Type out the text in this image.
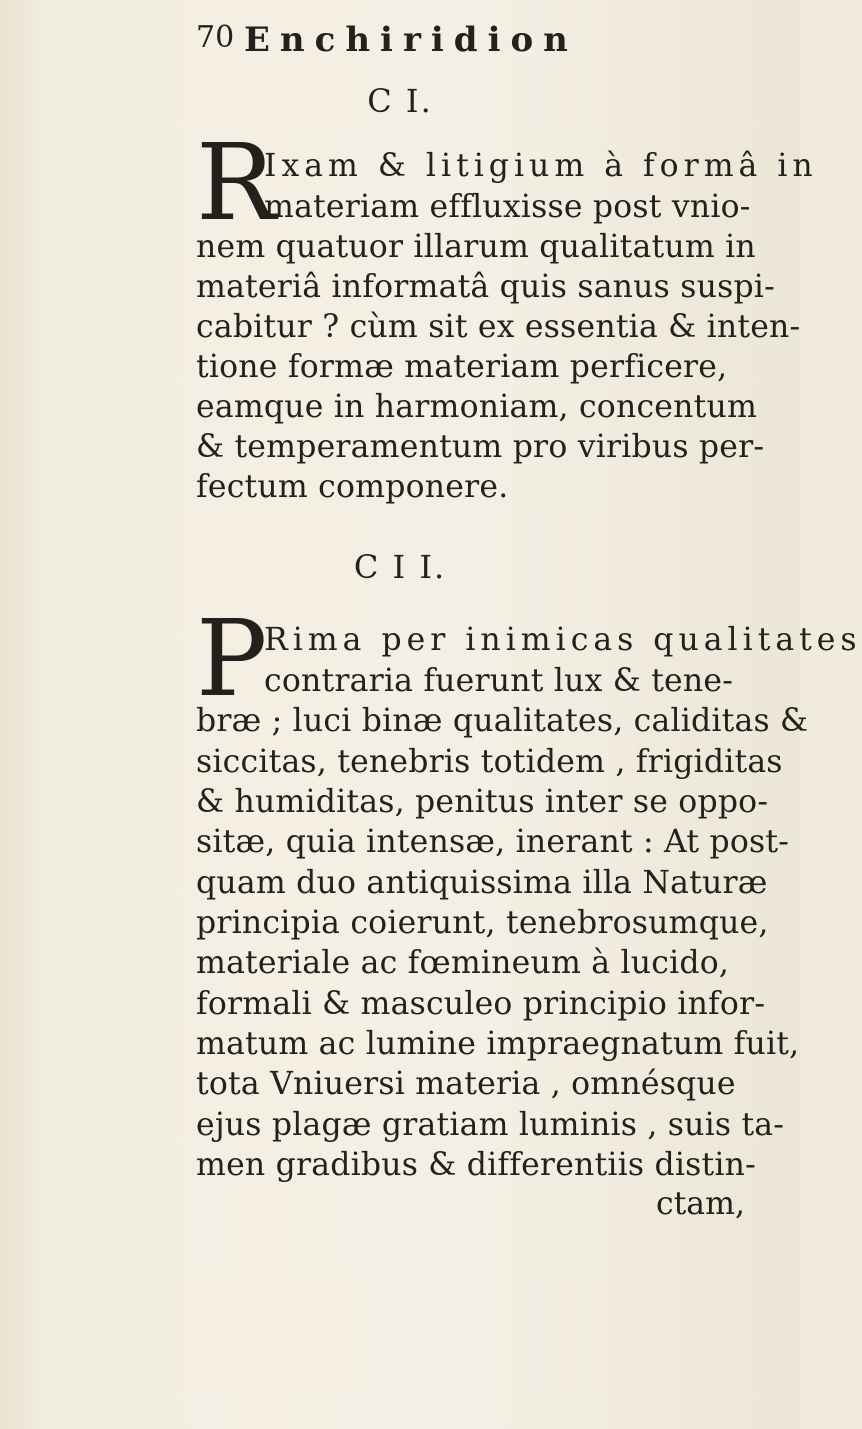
70 Enchiridion
C I.
R
Ixam & litigium à formâ in
materiam effluxisse post vnio-
nem quatuor illarum qualitatum in
materiâ informatâ quis sanus suspi-
cabitur ? cùm sit ex essentia & inten-
tione formæ materiam perficere,
eamque in harmoniam, concentum
& temperamentum pro viribus per-
fectum componere.
C I I.
P
Rima per inimicas qualitates
contraria fuerunt lux & tene-
bræ ; luci binæ qualitates, caliditas &
siccitas, tenebris totidem , frigiditas
& humiditas, penitus inter se oppo-
sitæ, quia intensæ, inerant : At post-
quam duo antiquissima illa Naturæ
principia coierunt, tenebrosumque,
materiale ac fœmineum à lucido,
formali & masculeo principio infor-
matum ac lumine impraegnatum fuit,
tota Vniuersi materia , omnésque
ejus plagæ gratiam luminis , suis ta-
men gradibus & differentiis distin-
ctam,
